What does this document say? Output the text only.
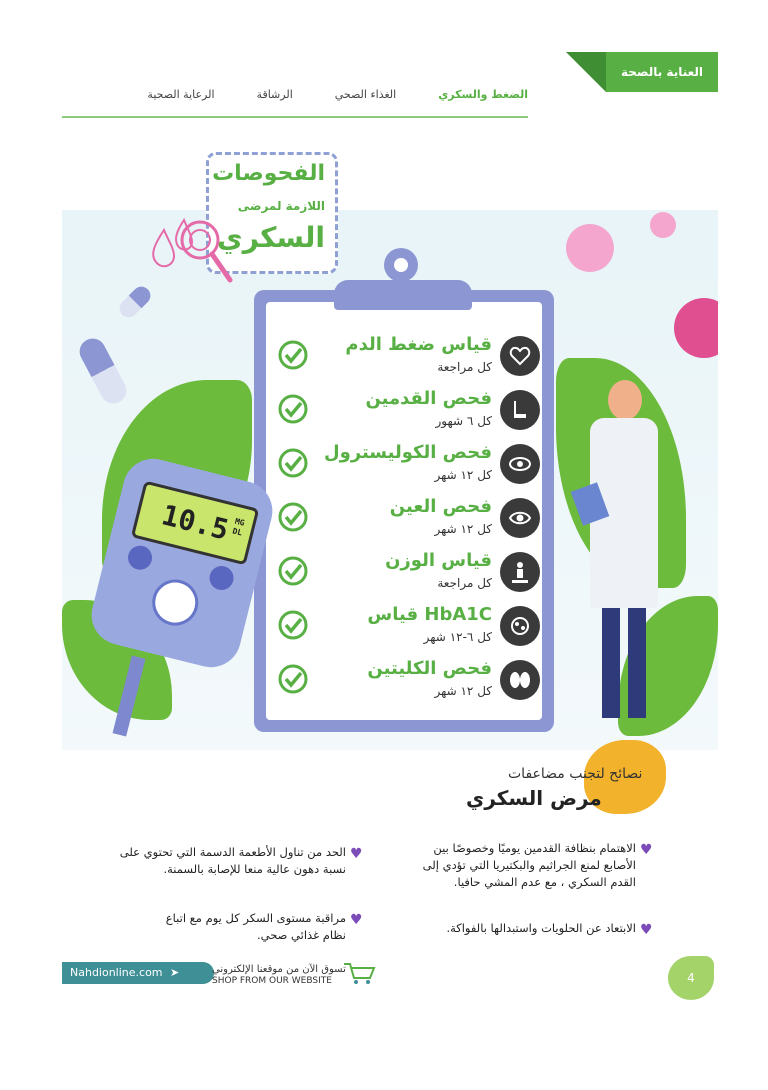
العناية بالصحة
الضغط والسكري
الغذاء الصحي
الرشاقة
الرعاية الصحية
الفحوصات
اللازمة لمرضى
السكري
قياس ضغط الدم
كل مراجعة
فحص القدمين
كل ٦ شهور
فحص الكوليسترول
كل ١٢ شهر
فحص العين
كل ١٢ شهر
قياس الوزن
كل مراجعة
قياس HbA1C
كل ٦-١٢ شهر
فحص الكليتين
كل ١٢ شهر
10.5 MG
DL
نصائح لتجنب مضاعفات
مرض السكري
♥
الاهتمام بنظافة القدمين يوميًا وخصوصًا بين الأصابع لمنع الجراثيم والبكتيريا التي تؤدي إلى القدم السكري ، مع عدم المشي حافيا.
♥
الابتعاد عن الحلويات واستبدالها بالفواكة.
♥
الحد من تناول الأطعمة الدسمة التي تحتوي على نسبة دهون عالية منعا للإصابة بالسمنة.
♥
مراقبة مستوى السكر كل يوم مع اتباع نظام غذائي صحي.
Nahdionline.com ➤	تسوق الآن من موقعنا الإلكتروني
SHOP FROM OUR WEBSITE	4
